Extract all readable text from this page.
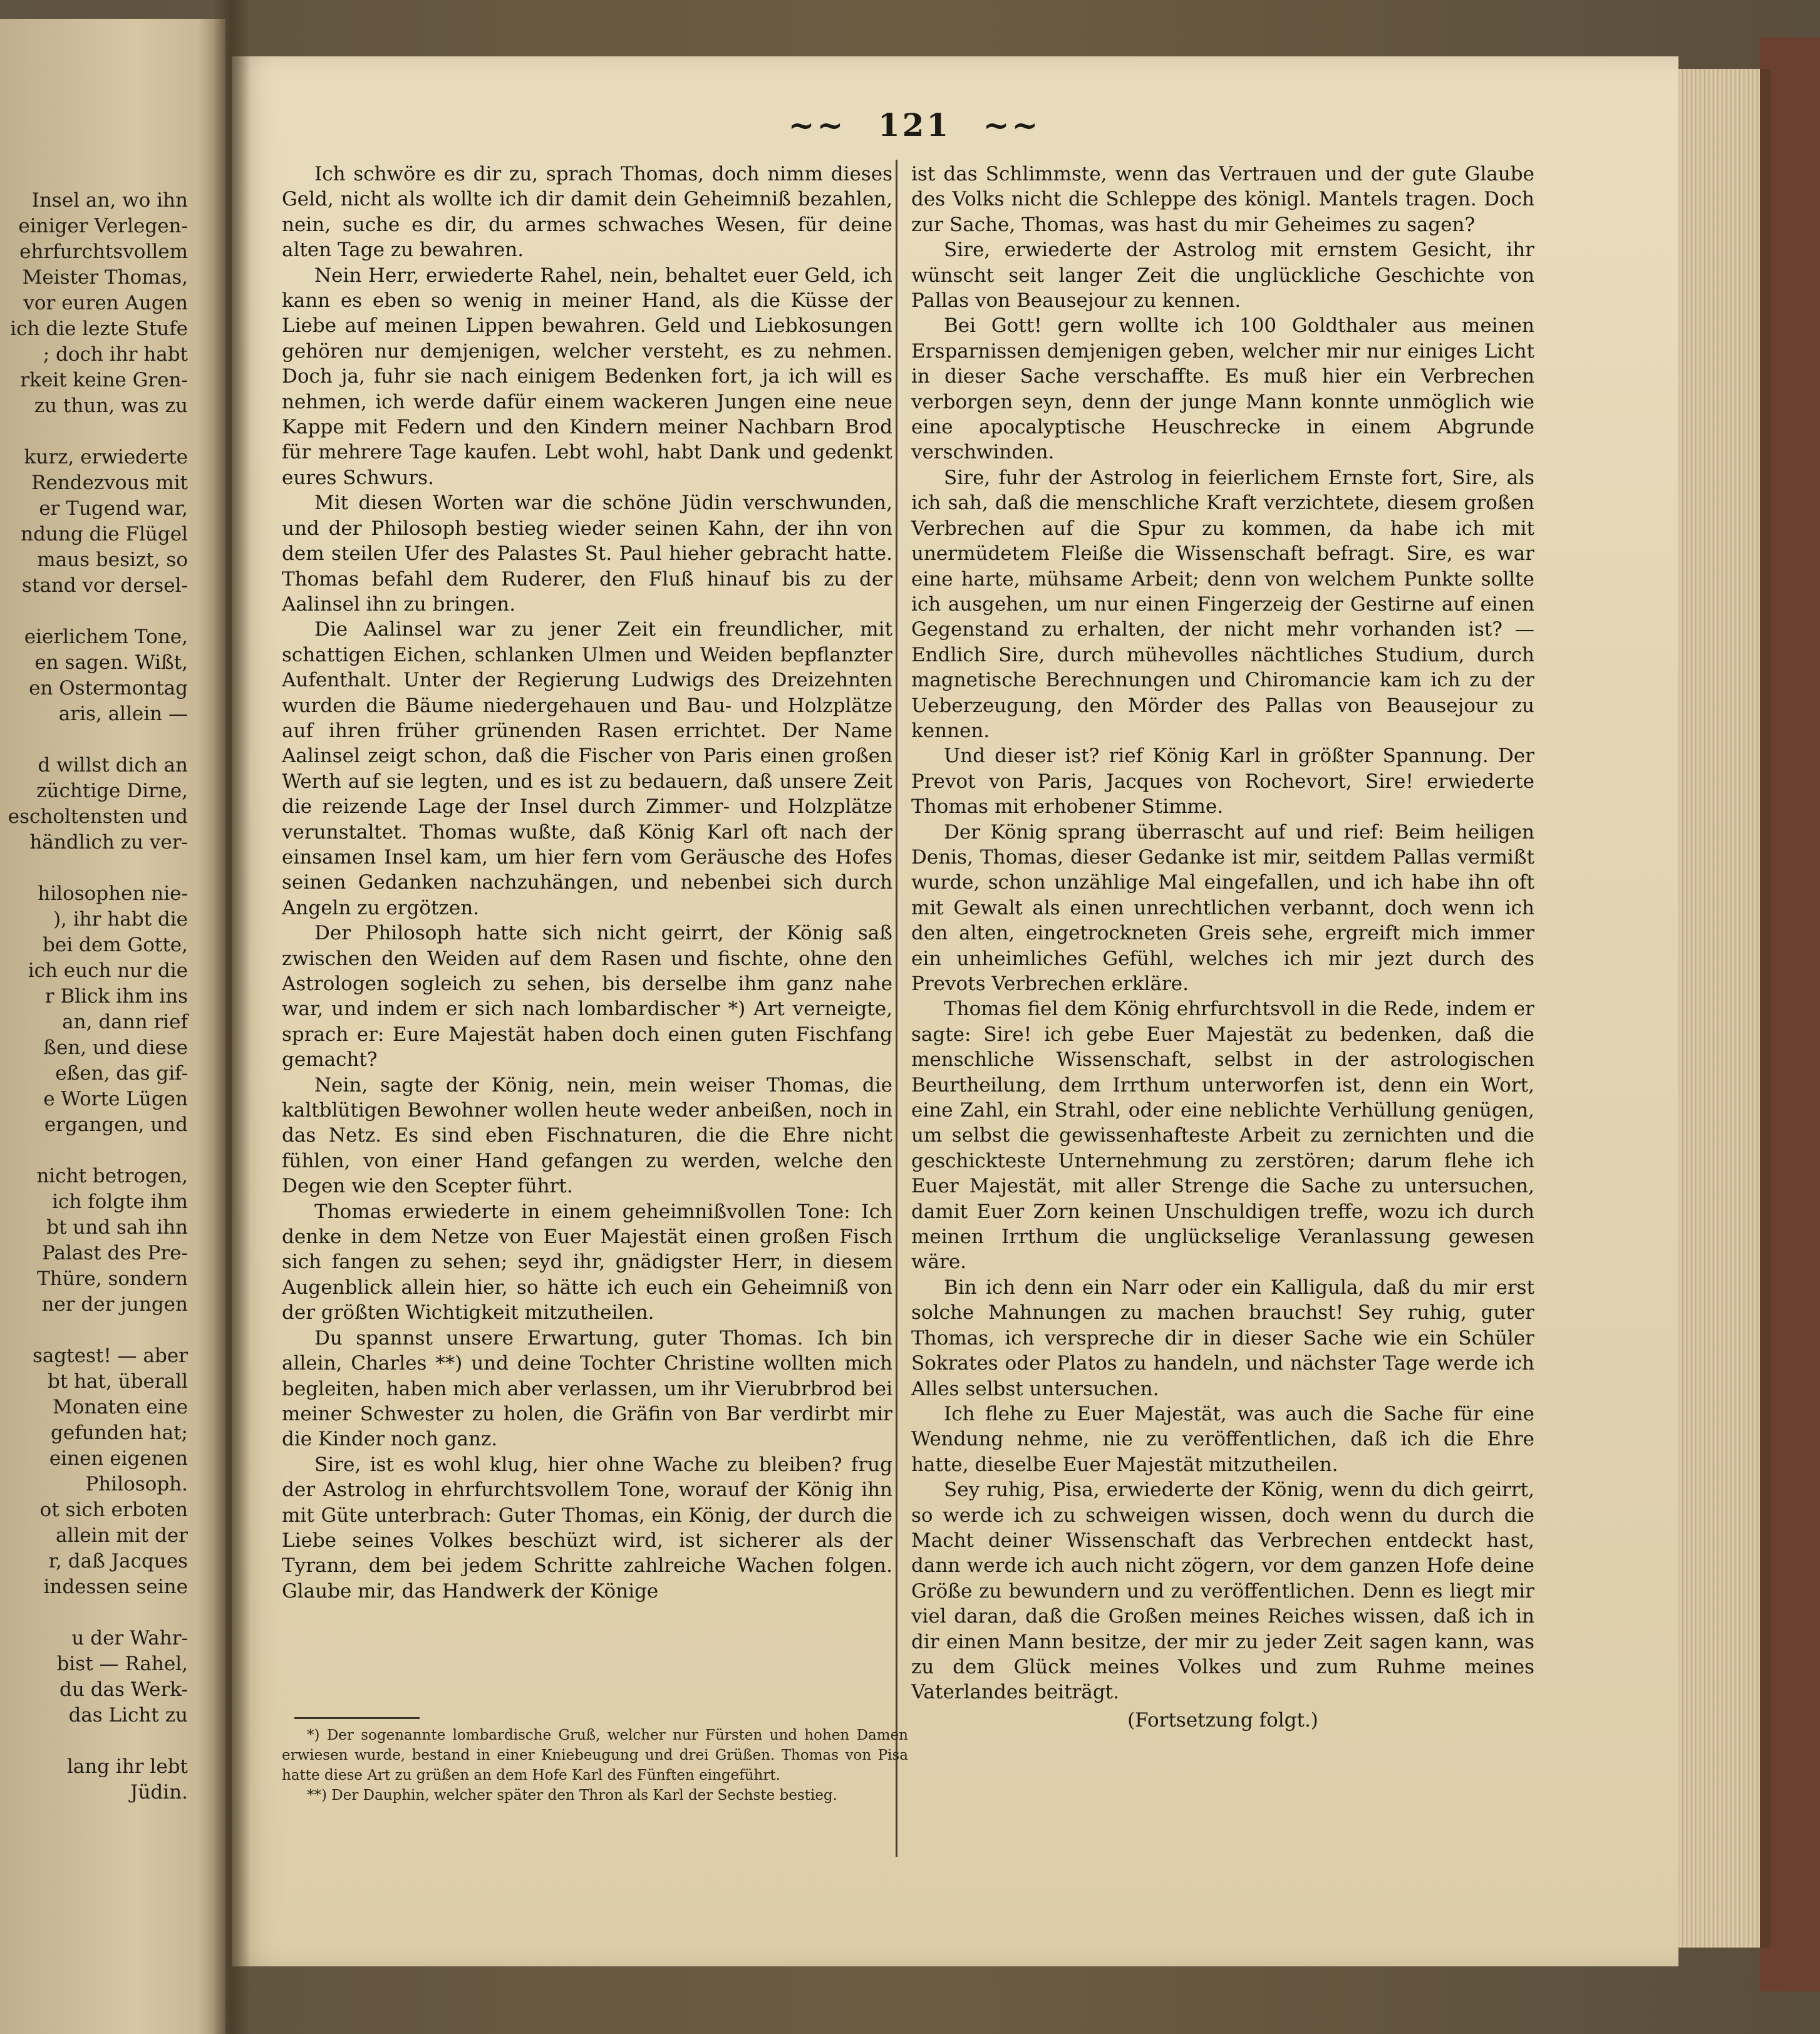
Insel an, wo ihn
einiger Verlegen-
ehrfurchtsvollem
Meister Thomas,
vor euren Augen
ich die lezte Stufe
; doch ihr habt
rkeit keine Gren-
zu thun, was zu
kurz, erwiederte
Rendezvous mit
er Tugend war,
ndung die Flügel
maus besizt, so
stand vor dersel-
eierlichem Tone,
en sagen. Wißt,
en Ostermontag
aris, allein —
d willst dich an
züchtige Dirne,
escholtensten und
händlich zu ver-
hilosophen nie-
), ihr habt die
bei dem Gotte,
ich euch nur die
r Blick ihm ins
an, dann rief
ßen, und diese
eßen, das gif-
e Worte Lügen
ergangen, und
nicht betrogen,
ich folgte ihm
bt und sah ihn
Palast des Pre-
Thüre, sondern
ner der jungen
sagtest! — aber
bt hat, überall
Monaten eine
gefunden hat;
einen eigenen
Philosoph.
ot sich erboten
allein mit der
r, daß Jacques
indessen seine
u der Wahr-
bist — Rahel,
du das Werk-
das Licht zu
lang ihr lebt
Jüdin.
~~ 121 ~~

Ich schwöre es dir zu, sprach Thomas, doch nimm dieses Geld, nicht als wollte ich dir damit dein Geheimniß bezahlen, nein, suche es dir, du armes schwaches Wesen, für deine alten Tage zu bewahren.

Nein Herr, erwiederte Rahel, nein, behaltet euer Geld, ich kann es eben so wenig in meiner Hand, als die Küsse der Liebe auf meinen Lippen bewahren. Geld und Liebkosungen gehören nur demjenigen, welcher versteht, es zu nehmen. Doch ja, fuhr sie nach einigem Bedenken fort, ja ich will es nehmen, ich werde dafür einem wackeren Jungen eine neue Kappe mit Federn und den Kindern meiner Nachbarn Brod für mehrere Tage kaufen. Lebt wohl, habt Dank und gedenkt eures Schwurs.

Mit diesen Worten war die schöne Jüdin verschwunden, und der Philosoph bestieg wieder seinen Kahn, der ihn von dem steilen Ufer des Palastes St. Paul hieher gebracht hatte. Thomas befahl dem Ruderer, den Fluß hinauf bis zu der Aalinsel ihn zu bringen.

Die Aalinsel war zu jener Zeit ein freundlicher, mit schattigen Eichen, schlanken Ulmen und Weiden bepflanzter Aufenthalt. Unter der Regierung Ludwigs des Dreizehnten wurden die Bäume niedergehauen und Bau- und Holzplätze auf ihren früher grünenden Rasen errichtet. Der Name Aalinsel zeigt schon, daß die Fischer von Paris einen großen Werth auf sie legten, und es ist zu bedauern, daß unsere Zeit die reizende Lage der Insel durch Zimmer- und Holzplätze verunstaltet. Thomas wußte, daß König Karl oft nach der einsamen Insel kam, um hier fern vom Geräusche des Hofes seinen Gedanken nachzuhängen, und nebenbei sich durch Angeln zu ergötzen.

Der Philosoph hatte sich nicht geirrt, der König saß zwischen den Weiden auf dem Rasen und fischte, ohne den Astrologen sogleich zu sehen, bis derselbe ihm ganz nahe war, und indem er sich nach lombardischer *) Art verneigte, sprach er: Eure Majestät haben doch einen guten Fischfang gemacht?

Nein, sagte der König, nein, mein weiser Thomas, die kaltblütigen Bewohner wollen heute weder anbeißen, noch in das Netz. Es sind eben Fischnaturen, die die Ehre nicht fühlen, von einer Hand gefangen zu werden, welche den Degen wie den Scepter führt.

Thomas erwiederte in einem geheimnißvollen Tone: Ich denke in dem Netze von Euer Majestät einen großen Fisch sich fangen zu sehen; seyd ihr, gnädigster Herr, in diesem Augenblick allein hier, so hätte ich euch ein Geheimniß von der größten Wichtigkeit mitzutheilen.

Du spannst unsere Erwartung, guter Thomas. Ich bin allein, Charles **) und deine Tochter Christine wollten mich begleiten, haben mich aber verlassen, um ihr Vierubrbrod bei meiner Schwester zu holen, die Gräfin von Bar verdirbt mir die Kinder noch ganz.

Sire, ist es wohl klug, hier ohne Wache zu bleiben? frug der Astrolog in ehrfurchtsvollem Tone, worauf der König ihn mit Güte unterbrach: Guter Thomas, ein König, der durch die Liebe seines Volkes beschüzt wird, ist sicherer als der Tyrann, dem bei jedem Schritte zahlreiche Wachen folgen. Glaube mir, das Handwerk der Könige

*) Der sogenannte lombardische Gruß, welcher nur Fürsten und hohen Damen erwiesen wurde, bestand in einer Kniebeugung und drei Grüßen. Thomas von Pisa hatte diese Art zu grüßen an dem Hofe Karl des Fünften eingeführt.

**) Der Dauphin, welcher später den Thron als Karl der Sechste bestieg.

ist das Schlimmste, wenn das Vertrauen und der gute Glaube des Volks nicht die Schleppe des königl. Mantels tragen. Doch zur Sache, Thomas, was hast du mir Geheimes zu sagen?

Sire, erwiederte der Astrolog mit ernstem Gesicht, ihr wünscht seit langer Zeit die unglückliche Geschichte von Pallas von Beausejour zu kennen.

Bei Gott! gern wollte ich 100 Goldthaler aus meinen Ersparnissen demjenigen geben, welcher mir nur einiges Licht in dieser Sache verschaffte. Es muß hier ein Verbrechen verborgen seyn, denn der junge Mann konnte unmöglich wie eine apocalyptische Heuschrecke in einem Abgrunde verschwinden.

Sire, fuhr der Astrolog in feierlichem Ernste fort, Sire, als ich sah, daß die menschliche Kraft verzichtete, diesem großen Verbrechen auf die Spur zu kommen, da habe ich mit unermüdetem Fleiße die Wissenschaft befragt. Sire, es war eine harte, mühsame Arbeit; denn von welchem Punkte sollte ich ausgehen, um nur einen Fingerzeig der Gestirne auf einen Gegenstand zu erhalten, der nicht mehr vorhanden ist? — Endlich Sire, durch mühevolles nächtliches Studium, durch magnetische Berechnungen und Chiromancie kam ich zu der Ueberzeugung, den Mörder des Pallas von Beausejour zu kennen.

Und dieser ist? rief König Karl in größter Spannung. Der Prevot von Paris, Jacques von Rochevort, Sire! erwiederte Thomas mit erhobener Stimme.

Der König sprang überrascht auf und rief: Beim heiligen Denis, Thomas, dieser Gedanke ist mir, seitdem Pallas vermißt wurde, schon unzählige Mal eingefallen, und ich habe ihn oft mit Gewalt als einen unrechtlichen verbannt, doch wenn ich den alten, eingetrockneten Greis sehe, ergreift mich immer ein unheimliches Gefühl, welches ich mir jezt durch des Prevots Verbrechen erkläre.

Thomas fiel dem König ehrfurchtsvoll in die Rede, indem er sagte: Sire! ich gebe Euer Majestät zu bedenken, daß die menschliche Wissenschaft, selbst in der astrologischen Beurtheilung, dem Irrthum unterworfen ist, denn ein Wort, eine Zahl, ein Strahl, oder eine neblichte Verhüllung genügen, um selbst die gewissenhafteste Arbeit zu zernichten und die geschickteste Unternehmung zu zerstören; darum flehe ich Euer Majestät, mit aller Strenge die Sache zu untersuchen, damit Euer Zorn keinen Unschuldigen treffe, wozu ich durch meinen Irrthum die unglückselige Veranlassung gewesen wäre.

Bin ich denn ein Narr oder ein Kalligula, daß du mir erst solche Mahnungen zu machen brauchst! Sey ruhig, guter Thomas, ich verspreche dir in dieser Sache wie ein Schüler Sokrates oder Platos zu handeln, und nächster Tage werde ich Alles selbst untersuchen.

Ich flehe zu Euer Majestät, was auch die Sache für eine Wendung nehme, nie zu veröffentlichen, daß ich die Ehre hatte, dieselbe Euer Majestät mitzutheilen.

Sey ruhig, Pisa, erwiederte der König, wenn du dich geirrt, so werde ich zu schweigen wissen, doch wenn du durch die Macht deiner Wissenschaft das Verbrechen entdeckt hast, dann werde ich auch nicht zögern, vor dem ganzen Hofe deine Größe zu bewundern und zu veröffentlichen. Denn es liegt mir viel daran, daß die Großen meines Reiches wissen, daß ich in dir einen Mann besitze, der mir zu jeder Zeit sagen kann, was zu dem Glück meines Volkes und zum Ruhme meines Vaterlandes beiträgt.

(Fortsetzung folgt.)
